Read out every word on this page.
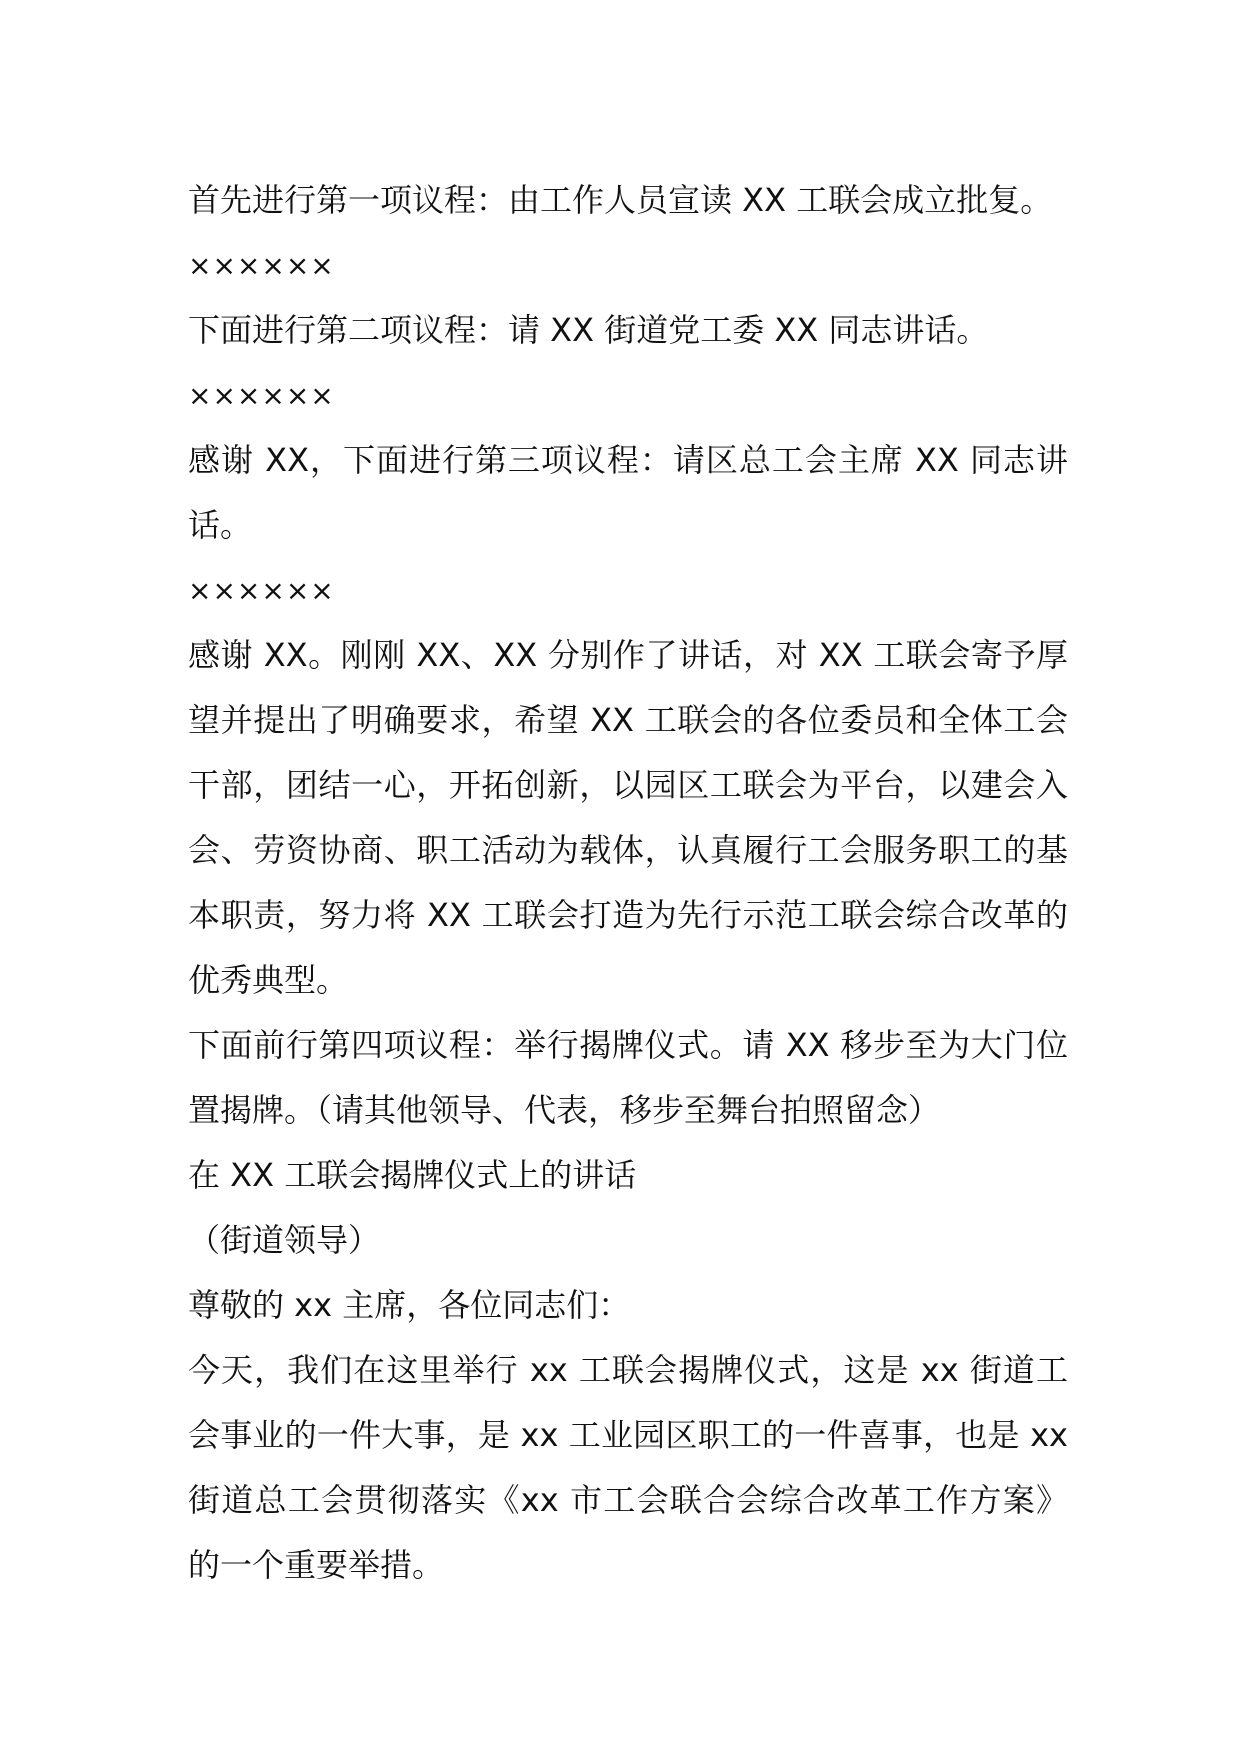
首先进行第一项议程：由工作人员宣读 XX 工联会成立批复。

××××××

下面进行第二项议程：请 XX 街道党工委 XX 同志讲话。

××××××

感谢 XX，下面进行第三项议程：请区总工会主席 XX 同志讲话。

××××××

感谢 XX。刚刚 XX、XX 分别作了讲话，对 XX 工联会寄予厚望并提出了明确要求，希望 XX 工联会的各位委员和全体工会干部，团结一心，开拓创新，以园区工联会为平台，以建会入会、劳资协商、职工活动为载体，认真履行工会服务职工的基本职责，努力将 XX 工联会打造为先行示范工联会综合改革的优秀典型。

下面前行第四项议程：举行揭牌仪式。请 XX 移步至为大门位置揭牌。（请其他领导、代表，移步至舞台拍照留念）

在 XX 工联会揭牌仪式上的讲话

（街道领导）

尊敬的 xx 主席，各位同志们：

今天，我们在这里举行 xx 工联会揭牌仪式，这是 xx 街道工会事业的一件大事，是 xx 工业园区职工的一件喜事，也是 xx 街道总工会贯彻落实《xx 市工会联合会综合改革工作方案》的一个重要举措。
